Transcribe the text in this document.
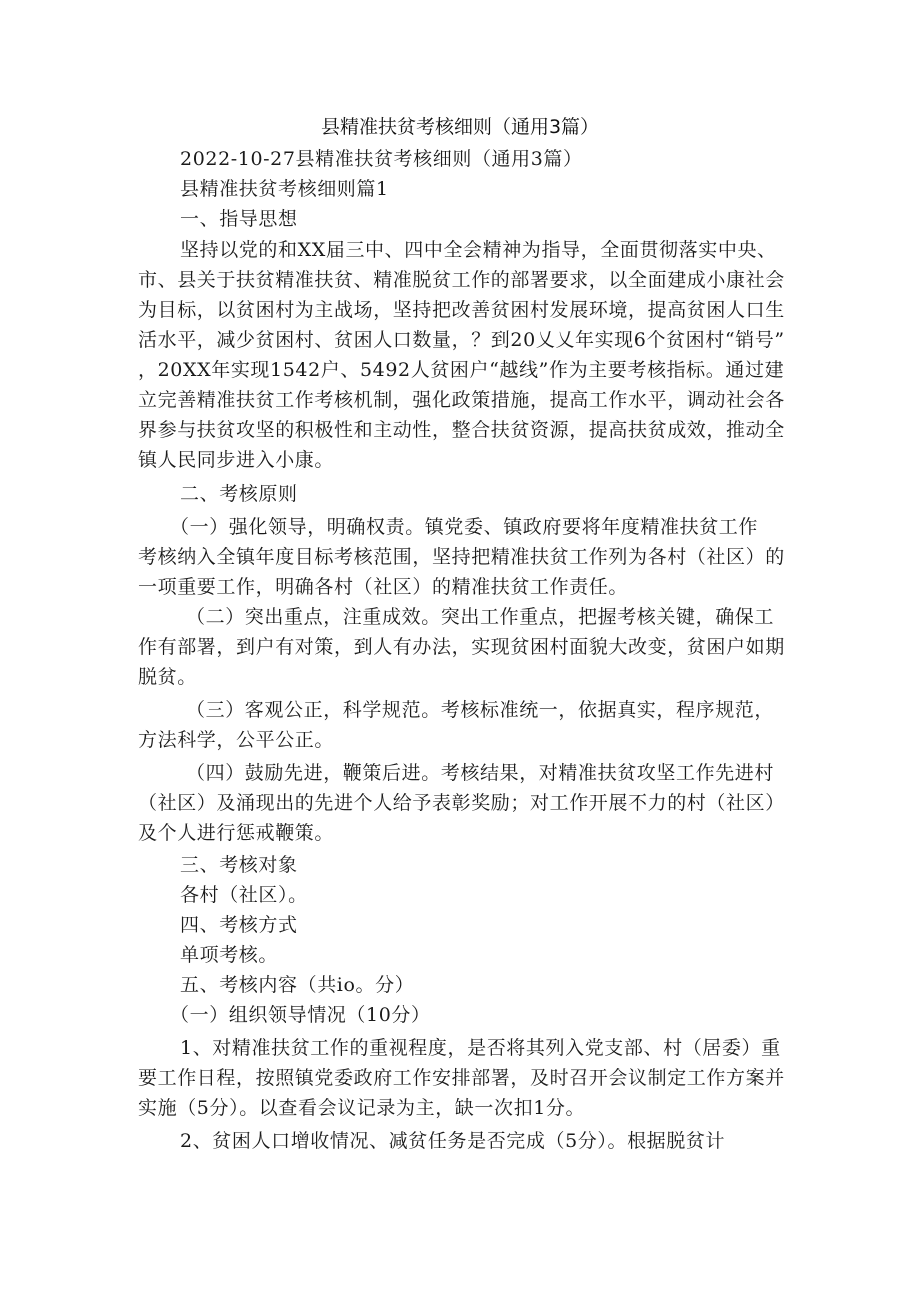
县精准扶贫考核细则（通用3篇）

2022-10-27县精准扶贫考核细则（通用3篇）

县精准扶贫考核细则篇1

一、指导思想

坚持以党的和XX届三中、四中全会精神为指导，全面贯彻落实中央、

市、县关于扶贫精准扶贫、精准脱贫工作的部署要求，以全面建成小康社会

为目标，以贫困村为主战场，坚持把改善贫困村发展环境，提高贫困人口生

活水平，减少贫困村、贫困人口数量，？到20乂乂年实现6个贫困村“销号”

，20XX年实现1542户、5492人贫困户“越线”作为主要考核指标。通过建

立完善精准扶贫工作考核机制，强化政策措施，提高工作水平，调动社会各

界参与扶贫攻坚的积极性和主动性，整合扶贫资源，提高扶贫成效，推动全

镇人民同步进入小康。

二、考核原则

（一）强化领导，明确权责。镇党委、镇政府要将年度精准扶贫工作

考核纳入全镇年度目标考核范围，坚持把精准扶贫工作列为各村（社区）的

一项重要工作，明确各村（社区）的精准扶贫工作责任。

（二）突出重点，注重成效。突出工作重点，把握考核关键，确保工

作有部署，到户有对策，到人有办法，实现贫困村面貌大改变，贫困户如期

脱贫。

（三）客观公正，科学规范。考核标准统一，依据真实，程序规范，

方法科学，公平公正。

（四）鼓励先进，鞭策后进。考核结果，对精准扶贫攻坚工作先进村

（社区）及涌现出的先进个人给予表彰奖励；对工作开展不力的村（社区）

及个人进行惩戒鞭策。

三、考核对象

各村（社区）。

四、考核方式

单项考核。

五、考核内容（共io。分）

（一）组织领导情况（10分）

1、对精准扶贫工作的重视程度，是否将其列入党支部、村（居委）重

要工作日程，按照镇党委政府工作安排部署，及时召开会议制定工作方案并

实施（5分）。以查看会议记录为主，缺一次扣1分。

2、贫困人口增收情况、减贫任务是否完成（5分）。根据脱贫计
